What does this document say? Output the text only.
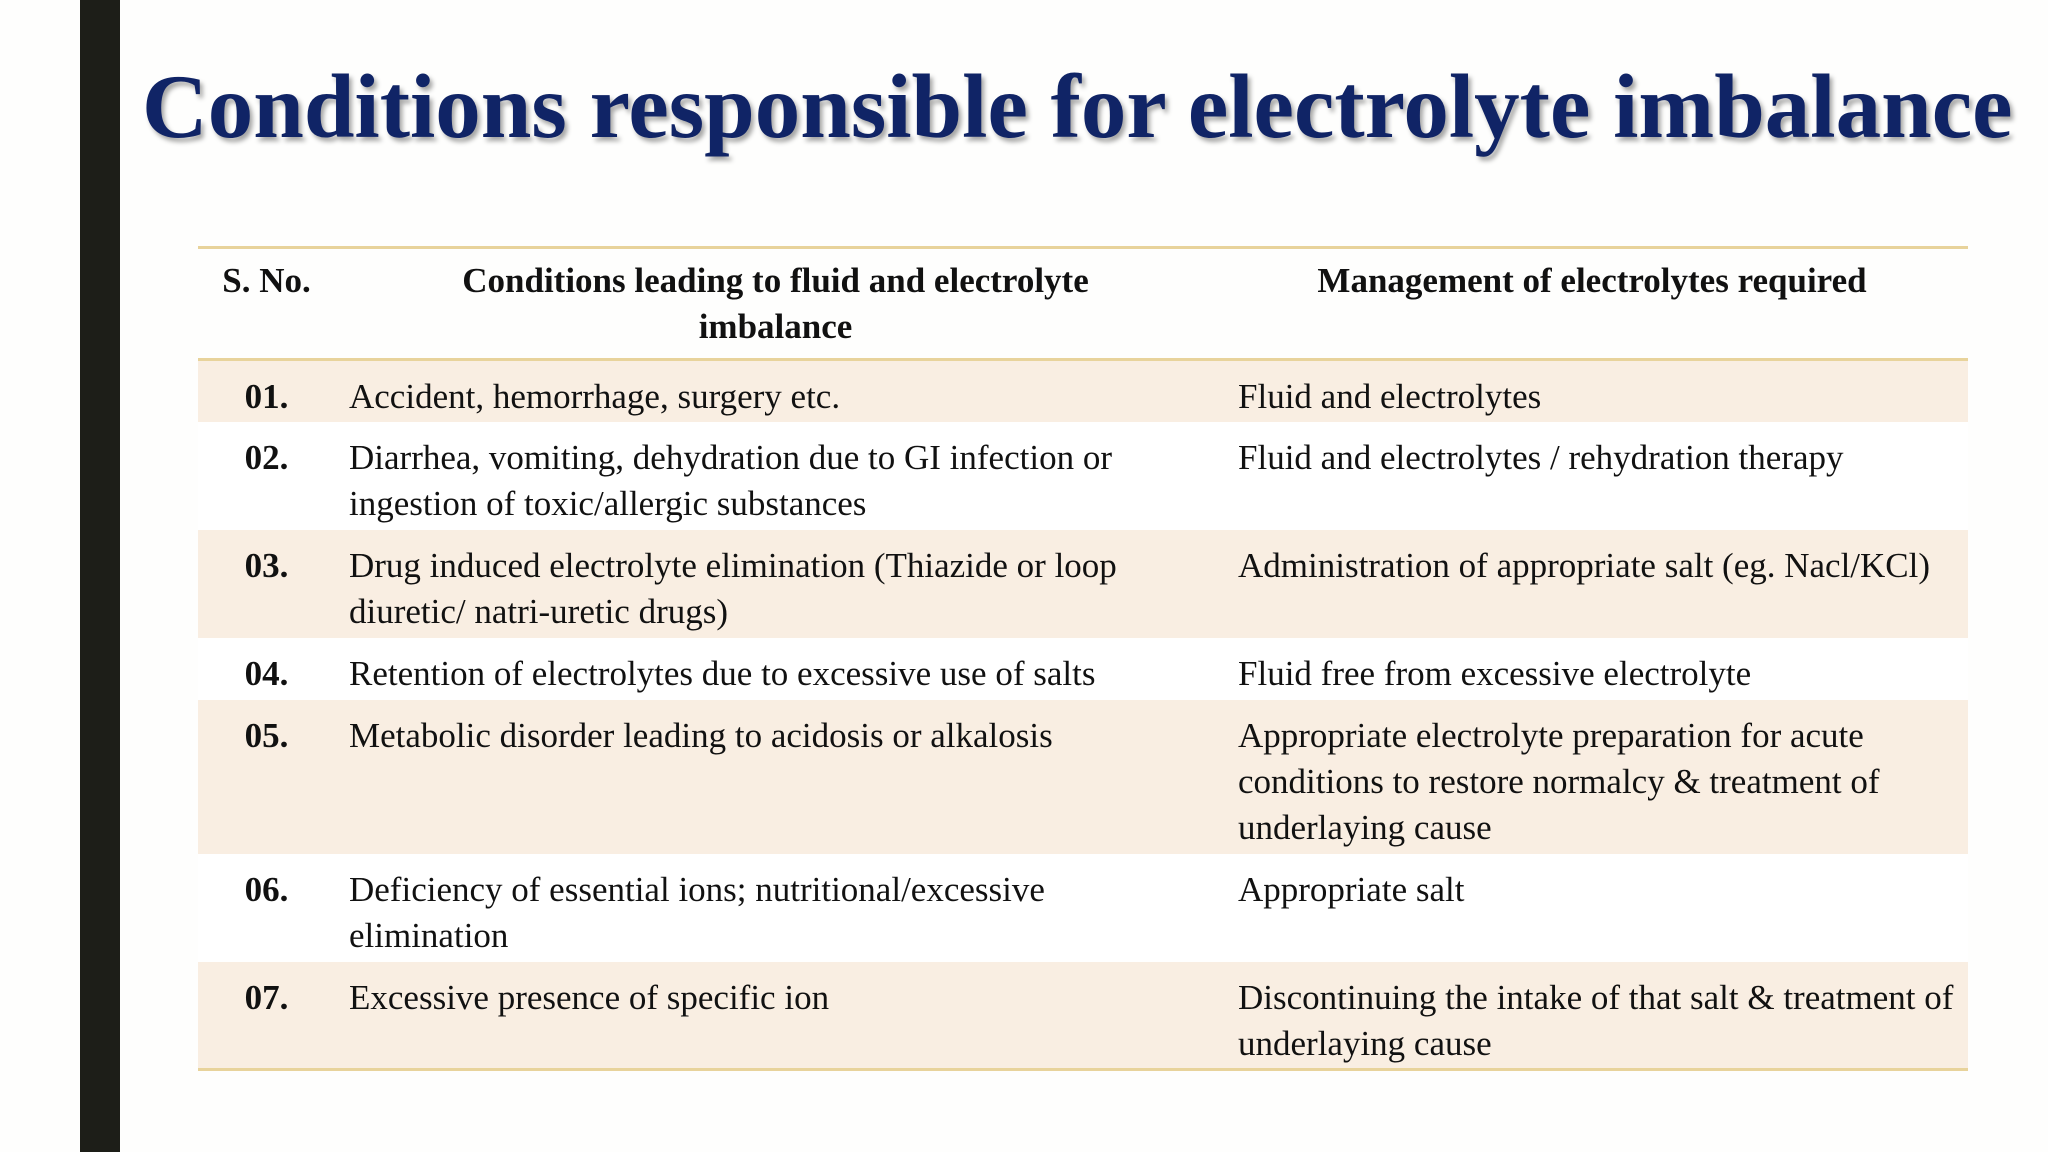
Conditions responsible for electrolyte imbalance
S. No.	Conditions leading to fluid and electrolyte imbalance	Management of electrolytes required
01.	Accident, hemorrhage, surgery etc.	Fluid and electrolytes
02.	Diarrhea, vomiting, dehydration due to GI infection or ingestion of toxic/allergic substances	Fluid and electrolytes / rehydration therapy
03.	Drug induced electrolyte elimination (Thiazide or loop diuretic/ natri-uretic drugs)	Administration of appropriate salt (eg. Nacl/KCl)
04.	Retention of electrolytes due to excessive use of salts	Fluid free from excessive electrolyte
05.	Metabolic disorder leading to acidosis or alkalosis	Appropriate electrolyte preparation for acute conditions to restore normalcy & treatment of underlaying cause
06.	Deficiency of essential ions; nutritional/excessive elimination	Appropriate salt
07.	Excessive presence of specific ion	Discontinuing the intake of that salt & treatment of underlaying cause
